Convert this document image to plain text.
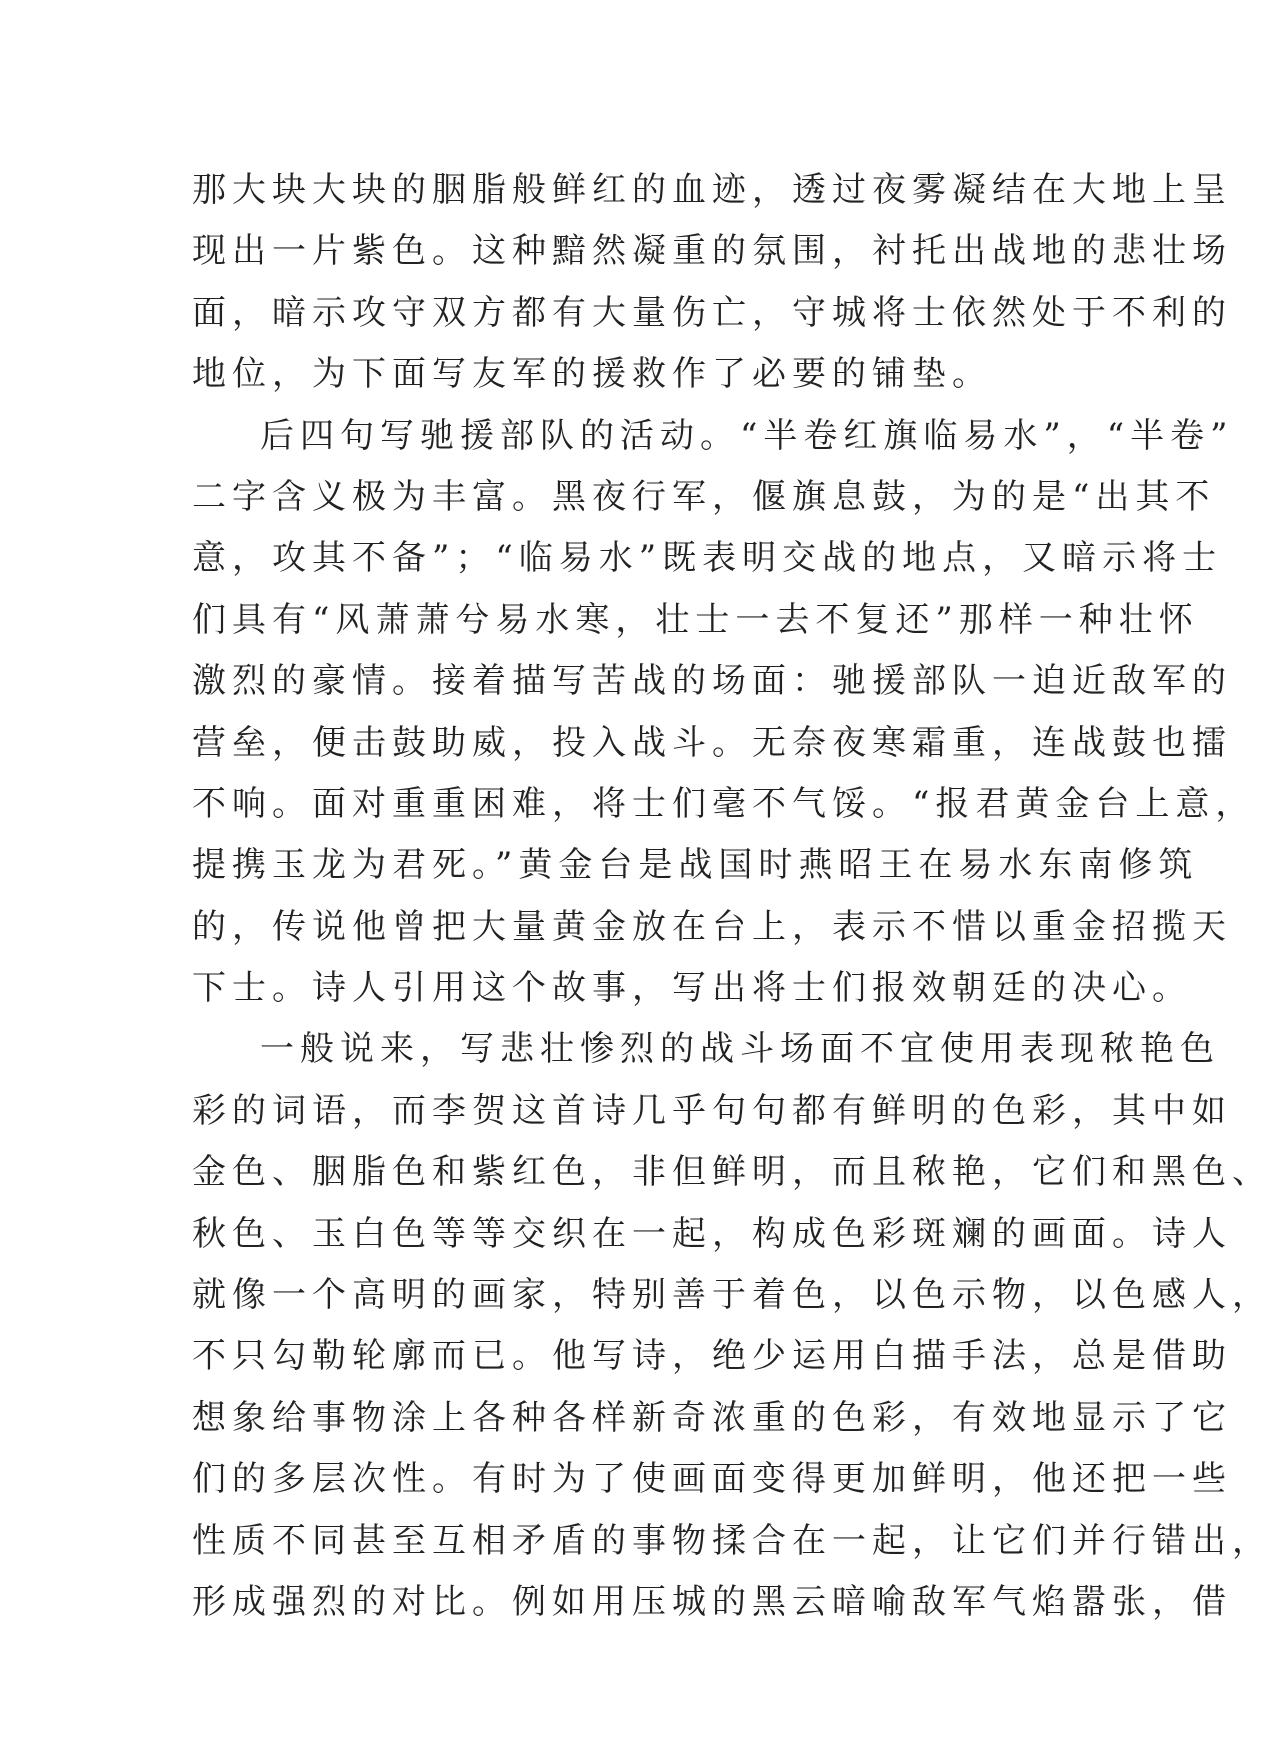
那大块大块的胭脂般鲜红的血迹，透过夜雾凝结在大地上呈
现出一片紫色。这种黯然凝重的氛围，衬托出战地的悲壮场
面，暗示攻守双方都有大量伤亡，守城将士依然处于不利的
地位，为下面写友军的援救作了必要的铺垫。
后四句写驰援部队的活动。“半卷红旗临易水”，“半卷”
二字含义极为丰富。黑夜行军，偃旗息鼓，为的是“出其不
意，攻其不备”；“临易水”既表明交战的地点，又暗示将士
们具有“风萧萧兮易水寒，壮士一去不复还”那样一种壮怀
激烈的豪情。接着描写苦战的场面：驰援部队一迫近敌军的
营垒，便击鼓助威，投入战斗。无奈夜寒霜重，连战鼓也擂
不响。面对重重困难，将士们毫不气馁。“报君黄金台上意，
提携玉龙为君死。”黄金台是战国时燕昭王在易水东南修筑
的，传说他曾把大量黄金放在台上，表示不惜以重金招揽天
下士。诗人引用这个故事，写出将士们报效朝廷的决心。
一般说来，写悲壮惨烈的战斗场面不宜使用表现秾艳色
彩的词语，而李贺这首诗几乎句句都有鲜明的色彩，其中如
金色、胭脂色和紫红色，非但鲜明，而且秾艳，它们和黑色、
秋色、玉白色等等交织在一起，构成色彩斑斓的画面。诗人
就像一个高明的画家，特别善于着色，以色示物，以色感人，
不只勾勒轮廓而已。他写诗，绝少运用白描手法，总是借助
想象给事物涂上各种各样新奇浓重的色彩，有效地显示了它
们的多层次性。有时为了使画面变得更加鲜明，他还把一些
性质不同甚至互相矛盾的事物揉合在一起，让它们并行错出，
形成强烈的对比。例如用压城的黑云暗喻敌军气焰嚣张，借
